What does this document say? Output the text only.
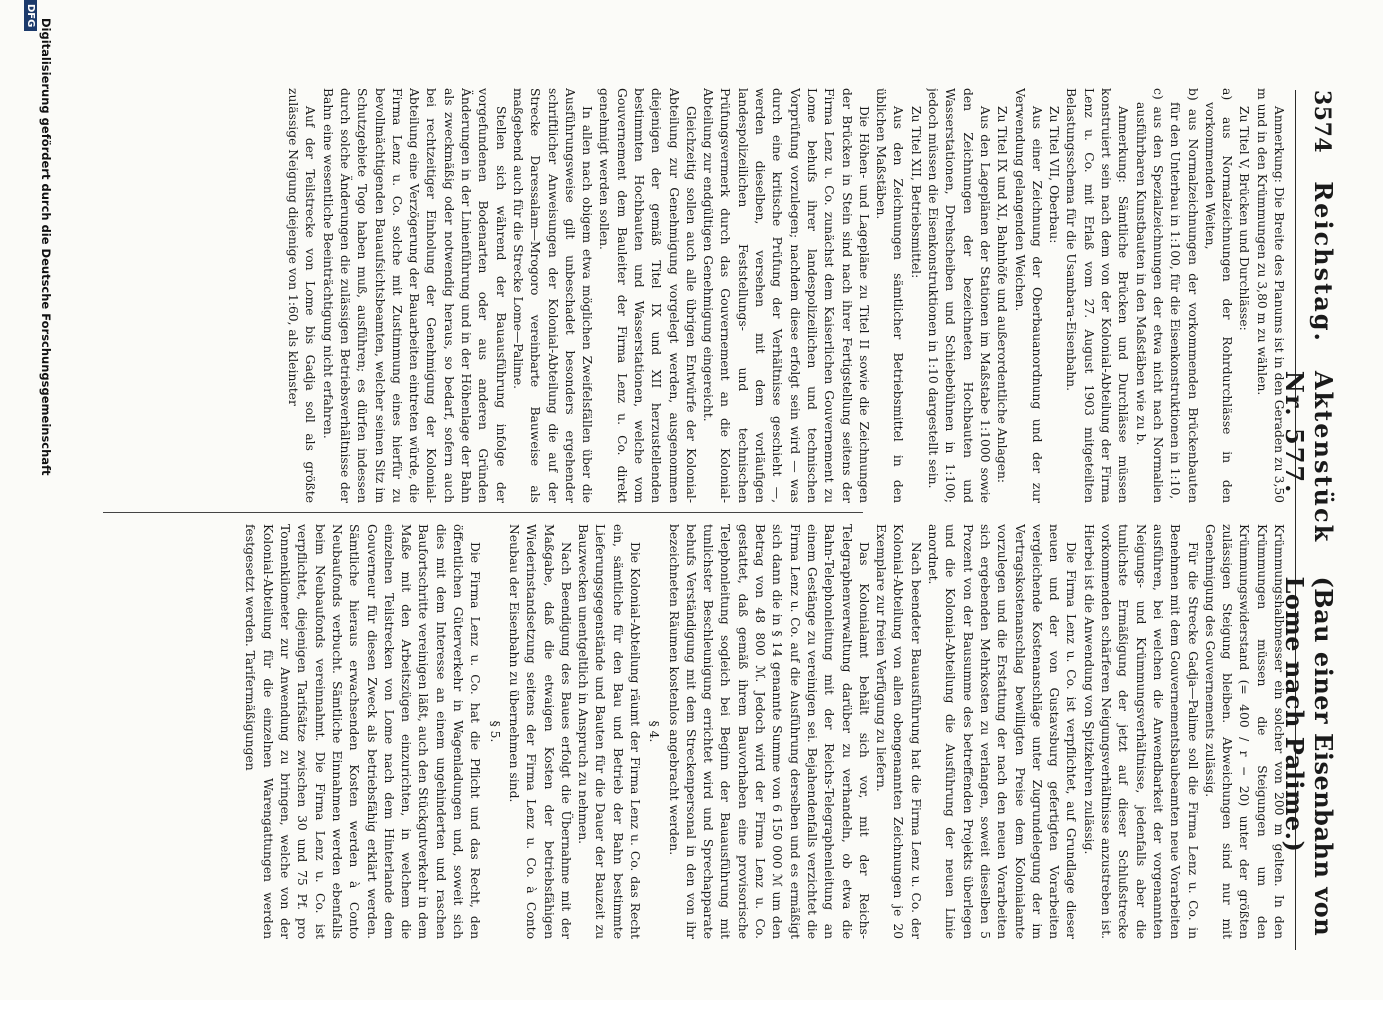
3574
Reichstag.
Aktenstück Nr. 577.
(Bau einer Eisenbahn von Lome nach Palime.)

Anmerkung: Die Breite des Planums ist in den Geraden zu 3,50 m und in den Krümmungen zu 3,80 m zu wählen.

Zu Titel V, Brücken und Durchlässe:

a) aus Normalzeichnungen der Rohrdurchlässe in den vorkommenden Weiten,

b) aus Normalzeichnungen der vorkommenden Brückenbauten für den Unterbau in 1:100, für die Eisenkonstruktionen in 1:10,

c) aus den Spezialzeichnungen der etwa nicht nach Normalien ausführbaren Kunstbauten in den Maßstäben wie zu b.

Anmerkung: Sämtliche Brücken und Durchlässe müssen konstruiert sein nach dem von der Kolonial-Abteilung der Firma Lenz u. Co. mit Erlaß vom 27. August 1903 mitgeteilten Belastungsschema für die Usambara-Eisenbahn.

Zu Titel VII, Oberbau:

Aus einer Zeichnung der Oberbauanordnung und der zur Verwendung gelangenden Weichen.

Zu Titel IX und XI, Bahnhöfe und außerordentliche Anlagen:

Aus den Lageplänen der Stationen im Maßstabe 1:1000 sowie den Zeichnungen der bezeichneten Hochbauten und Wasserstationen, Drehscheiben und Schiebebühnen in 1:100; jedoch müssen die Eisenkonstruktionen in 1:10 dargestellt sein.

Zu Titel XII, Betriebsmittel:

Aus den Zeichnungen sämtlicher Betriebsmittel in den üblichen Maßstäben.

Die Höhen- und Lagepläne zu Titel II sowie die Zeichnungen der Brücken in Stein sind nach ihrer Fertigstellung seitens der Firma Lenz u. Co. zunächst dem Kaiserlichen Gouvernement zu Lome behufs ihrer landespolizeilichen und technischen Vorprüfung vorzulegen; nachdem diese erfolgt sein wird — was durch eine kritische Prüfung der Verhältnisse geschieht —, werden dieselben, versehen mit dem vorläufigen landespolizeilichen Feststellungs- und technischen Prüfungsvermerk durch das Gouvernement an die Kolonial-Abteilung zur endgültigen Genehmigung eingereicht.

Gleichzeitig sollen auch alle übrigen Entwürfe der Kolonial-Abteilung zur Genehmigung vorgelegt werden, ausgenommen diejenigen der gemäß Titel IX und XII herzustellenden bestimmten Hochbauten und Wasserstationen, welche vom Gouvernement dem Bauleiter der Firma Lenz u. Co. direkt genehmigt werden sollen.

In allen nach obigem etwa möglichen Zweifelsfällen über die Ausführungsweise gilt unbeschadet besonders ergehender schriftlicher Anweisungen der Kolonial-Abteilung die auf der Strecke Daressalam—Mrogoro vereinbarte Bauweise als maßgebend auch für die Strecke Lome—Palime.

Stellen sich während der Bauausführung infolge der vorgefundenen Bodenarten oder aus anderen Gründen Änderungen in der Linienführung und in der Höhenlage der Bahn als zweckmäßig oder notwendig heraus, so bedarf, sofern auch bei rechtzeitiger Einholung der Genehmigung der Kolonial-Abteilung eine Verzögerung der Bauarbeiten eintreten würde, die Firma Lenz u. Co. solche mit Zustimmung eines hierfür zu bevollmächtigenden Bauaufsichtsbeamten, welcher seinen Sitz im Schutzgebiete Togo haben muß, ausführen; es dürfen indessen durch solche Änderungen die zulässigen Betriebsverhältnisse der Bahn eine wesentliche Beeinträchtigung nicht erfahren.

Auf der Teilstrecke von Lome bis Gadja soll als größte zulässige Neigung diejenige von 1:60, als kleinster

Krümmungshalbmesser ein solcher von 200 m gelten. In den Krümmungen müssen die Steigungen um den Krümmungswiderstand (= 400 / r − 20) unter der größten zulässigen Steigung bleiben. Abweichungen sind nur mit Genehmigung des Gouvernements zulässig.

Für die Strecke Gadja—Palime soll die Firma Lenz u. Co. in Benehmen mit dem Gouvernementsbaubeamten neue Vorarbeiten ausführen, bei welchen die Anwendbarkeit der vorgenannten Neigungs- und Krümmungsverhältnisse, jedenfalls aber die tunlichste Ermäßigung der jetzt auf dieser Schlußstrecke vorkommenden schärferen Neigungsverhältnisse anzustreben ist. Hierbei ist die Anwendung von Spitzkehren zulässig.

Die Firma Lenz u. Co. ist verpflichtet, auf Grundlage dieser neuen und der von Gustavsburg gefertigten Vorarbeiten vergleichende Kostenanschläge unter Zugrundelegung der im Vertragskostenanschlag bewilligten Preise dem Kolonialamte vorzulegen und die Erstattung der nach den neuen Vorarbeiten sich ergebenden Mehrkosten zu verlangen, soweit dieselben 5 Prozent von der Bausumme des betreffenden Projekts überlegen und die Kolonial-Abteilung die Ausführung der neuen Linie anordnet.

Nach beendeter Bauausführung hat die Firma Lenz u. Co. der Kolonial-Abteilung von allen obengenannten Zeichnungen je 20 Exemplare zur freien Verfügung zu liefern.

Das Kolonialamt behält sich vor, mit der Reichs-Telegraphenverwaltung darüber zu verhandeln, ob etwa die Bahn-Telephonleitung mit der Reichs-Telegraphenleitung an einem Gestänge zu vereinigen sei. Bejahendenfalls verzichtet die Firma Lenz u. Co. auf die Ausführung derselben und es ermäßigt sich dann die in § 14 genannte Summe von 6 150 000 ℳ um den Betrag von 48 800 ℳ. Jedoch wird der Firma Lenz u. Co. gestattet, daß gemäß ihrem Bauvorhaben eine provisorische Telephonleitung sogleich bei Beginn der Bauausführung mit tunlichster Beschleunigung errichtet wird und Sprechapparate behufs Verständigung mit dem Streckenpersonal in den von ihr bezeichneten Räumen kostenlos angebracht werden.

§ 4.

Die Kolonial-Abteilung räumt der Firma Lenz u. Co. das Recht ein, sämtliche für den Bau und Betrieb der Bahn bestimmte Lieferungsgegenstände und Bauten für die Dauer der Bauzeit zu Bauzwecken unentgeltlich in Anspruch zu nehmen.

Nach Beendigung des Baues erfolgt die Übernahme mit der Maßgabe, daß die etwaigen Kosten der betriebsfähigen Wiederinstandsetzung seitens der Firma Lenz u. Co. à Conto Neubau der Eisenbahn zu übernehmen sind.

§ 5.

Die Firma Lenz u. Co. hat die Pflicht und das Recht, den öffentlichen Güterverkehr in Wagenladungen und, soweit sich dies mit dem Interesse an einem ungehinderten und raschen Baufortschritte vereinigen läßt, auch den Stückgutverkehr in dem Maße mit den Arbeitszügen einzurichten, in welchem die einzelnen Teilstrecken von Lome nach dem Hinterlande dem Gouverneur für diesen Zweck als betriebsfähig erklärt werden. Sämtliche hieraus erwachsenden Kosten werden à Conto Neubaufonds verbucht. Sämtliche Einnahmen werden ebenfalls beim Neubaufonds vereinnahmt. Die Firma Lenz u. Co. ist verpflichtet, diejenigen Tarifsätze zwischen 30 und 75 Pf. pro Tonnenkilometer zur Anwendung zu bringen, welche von der Kolonial-Abteilung für die einzelnen Warengattungen werden festgesetzt werden. Tarifermäßigungen

Digitalisierung gefördert durch die Deutsche Forschungsgemeinschaft
DFG
